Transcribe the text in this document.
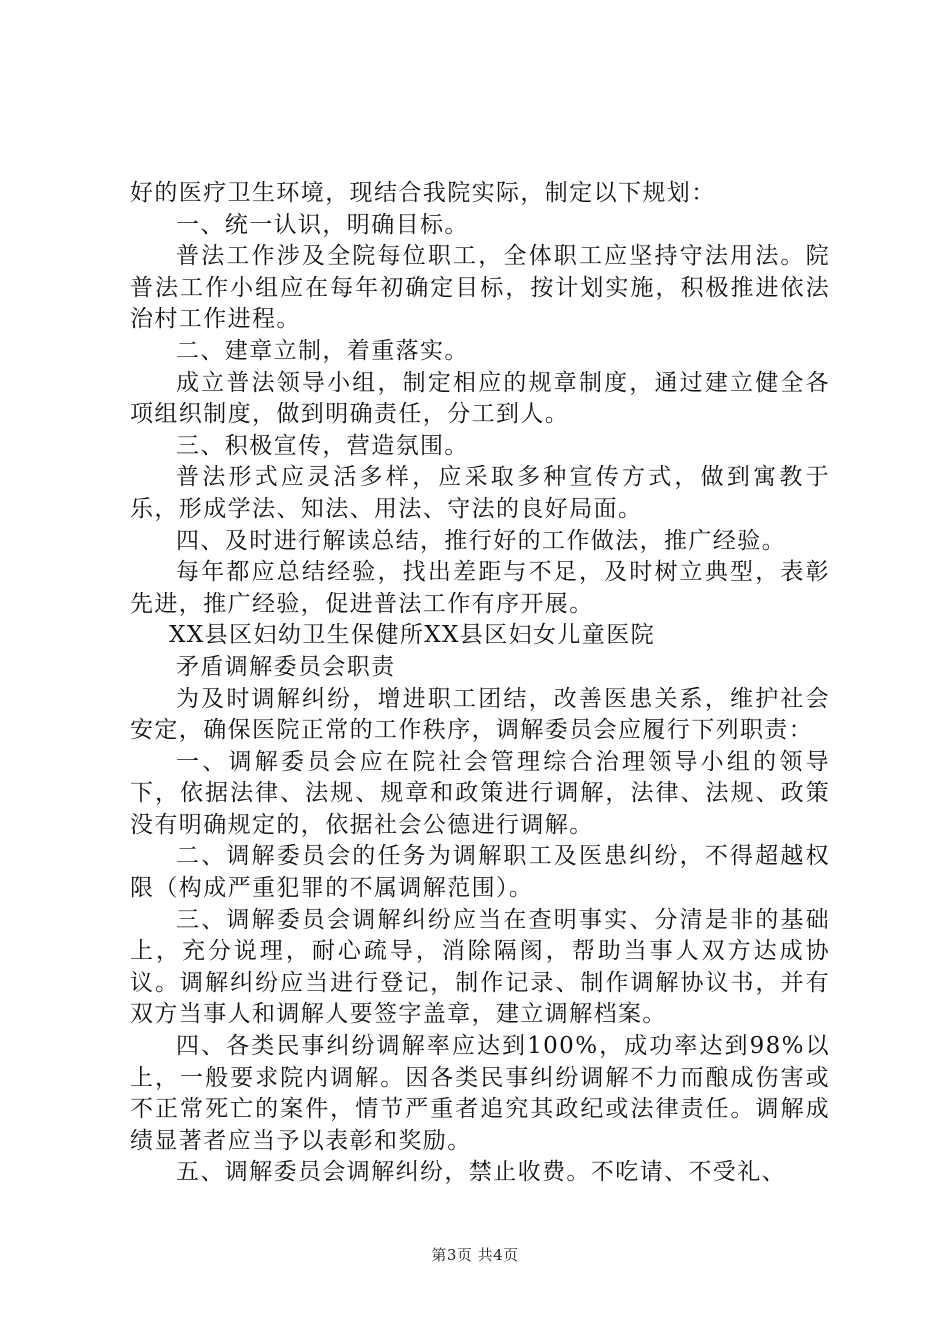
好的医疗卫生环境，现结合我院实际，制定以下规划：

一、统一认识，明确目标。

普法工作涉及全院每位职工，全体职工应坚持守法用法。院普法工作小组应在每年初确定目标，按计划实施，积极推进依法治村工作进程。

二、建章立制，着重落实。

成立普法领导小组，制定相应的规章制度，通过建立健全各项组织制度，做到明确责任，分工到人。

三、积极宣传，营造氛围。

普法形式应灵活多样，应采取多种宣传方式，做到寓教于乐，形成学法、知法、用法、守法的良好局面。

四、及时进行解读总结，推行好的工作做法，推广经验。

每年都应总结经验，找出差距与不足，及时树立典型，表彰先进，推广经验，促进普法工作有序开展。

XX县区妇幼卫生保健所XX县区妇女儿童医院

矛盾调解委员会职责

为及时调解纠纷，增进职工团结，改善医患关系，维护社会安定，确保医院正常的工作秩序，调解委员会应履行下列职责：

一、调解委员会应在院社会管理综合治理领导小组的领导下，依据法律、法规、规章和政策进行调解，法律、法规、政策没有明确规定的，依据社会公德进行调解。

二、调解委员会的任务为调解职工及医患纠纷，不得超越权限（构成严重犯罪的不属调解范围）。

三、调解委员会调解纠纷应当在查明事实、分清是非的基础上，充分说理，耐心疏导，消除隔阂，帮助当事人双方达成协议。调解纠纷应当进行登记，制作记录、制作调解协议书，并有双方当事人和调解人要签字盖章，建立调解档案。

四、各类民事纠纷调解率应达到100%，成功率达到98%以上，一般要求院内调解。因各类民事纠纷调解不力而酿成伤害或不正常死亡的案件，情节严重者追究其政纪或法律责任。调解成绩显著者应当予以表彰和奖励。

五、调解委员会调解纠纷，禁止收费。不吃请、不受礼、

第3页 共4页
